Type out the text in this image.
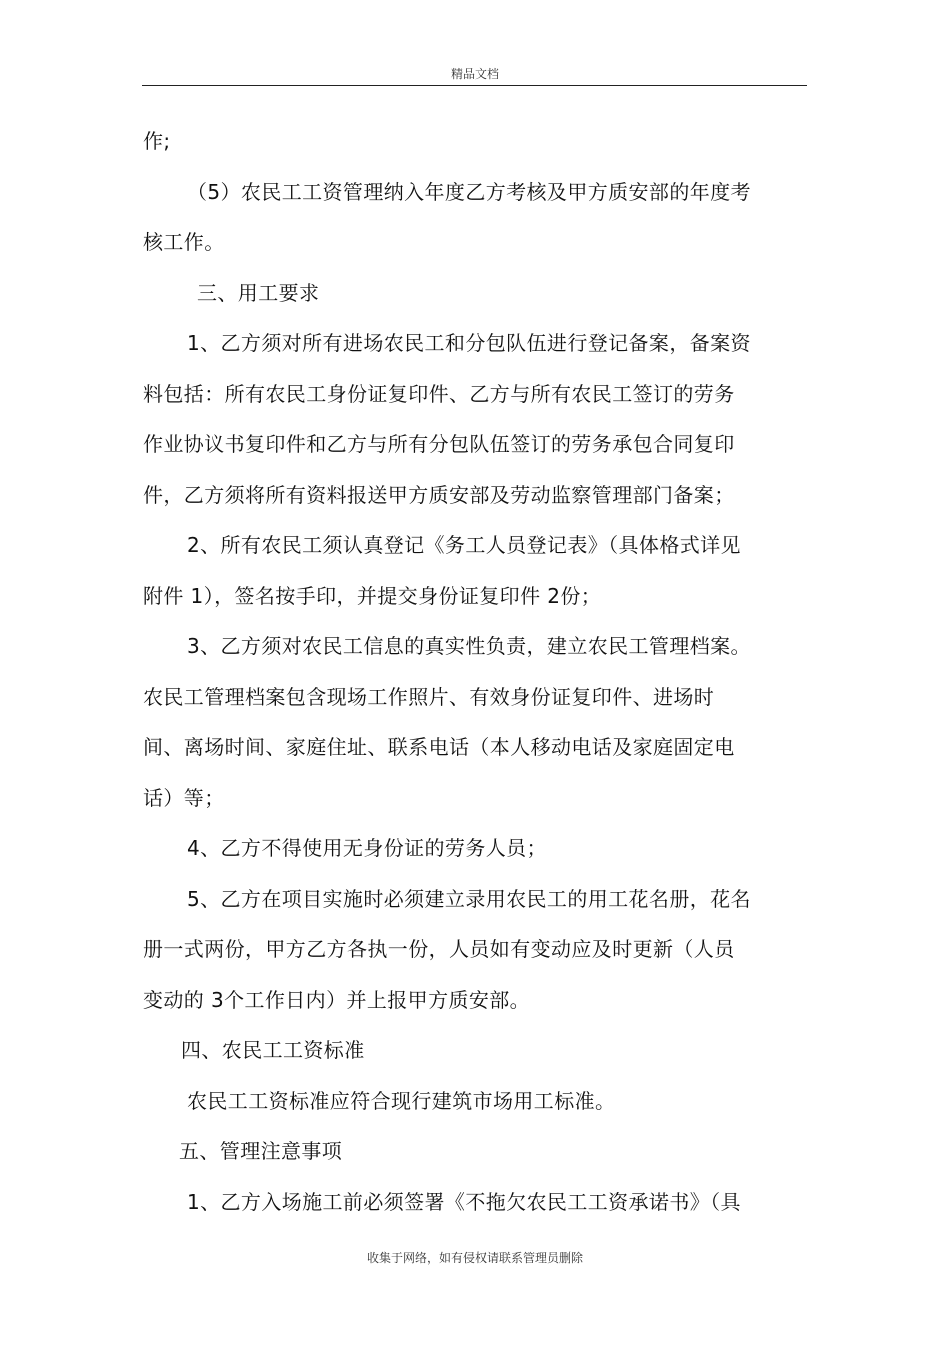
精品文档

作;

（5）农民工工资管理纳入年度乙方考核及甲方质安部的年度考

核工作。

三、用工要求

1、乙方须对所有进场农民工和分包队伍进行登记备案，备案资

料包括：所有农民工身份证复印件、乙方与所有农民工签订的劳务

作业协议书复印件和乙方与所有分包队伍签订的劳务承包合同复印

件，乙方须将所有资料报送甲方质安部及劳动监察管理部门备案；

2、所有农民工须认真登记《务工人员登记表》（具体格式详见

附件 1），签名按手印，并提交身份证复印件 2份；

3、乙方须对农民工信息的真实性负责，建立农民工管理档案。

农民工管理档案包含现场工作照片、有效身份证复印件、进场时

间、离场时间、家庭住址、联系电话（本人移动电话及家庭固定电

话）等；

4、乙方不得使用无身份证的劳务人员；

5、乙方在项目实施时必须建立录用农民工的用工花名册，花名

册一式两份，甲方乙方各执一份，人员如有变动应及时更新（人员

变动的 3个工作日内）并上报甲方质安部。

四、农民工工资标准

农民工工资标准应符合现行建筑市场用工标准。

五、管理注意事项

1、乙方入场施工前必须签署《不拖欠农民工工资承诺书》（具

收集于网络，如有侵权请联系管理员删除
